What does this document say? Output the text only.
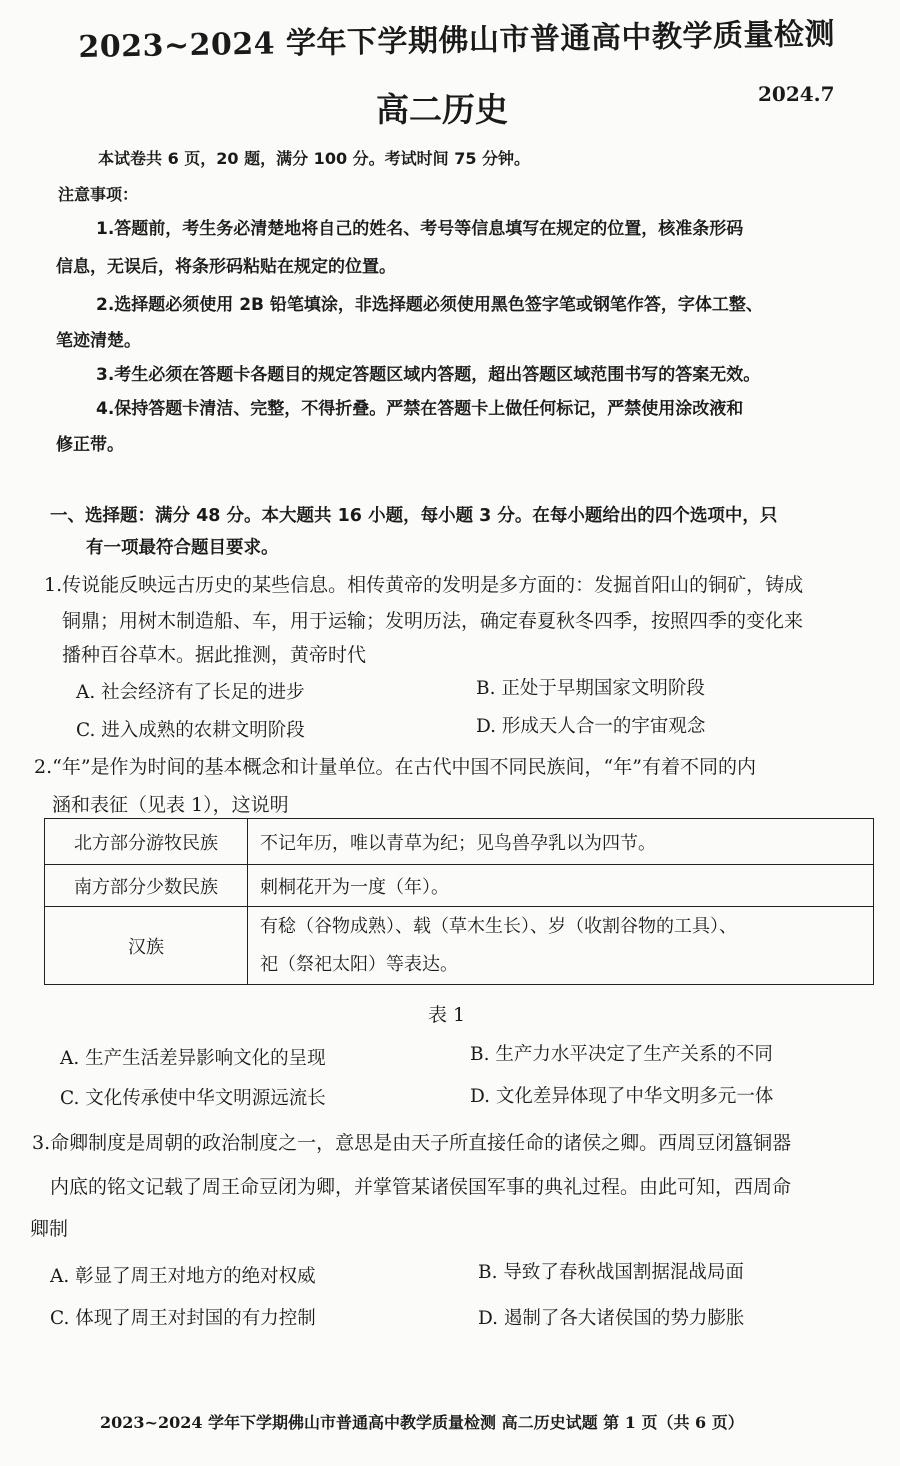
2023~2024 学年下学期佛山市普通高中教学质量检测
高二历史	2024.7
本试卷共 6 页，20 题，满分 100 分。考试时间 75 分钟。
注意事项：
1.答题前，考生务必清楚地将自己的姓名、考号等信息填写在规定的位置，核准条形码
信息，无误后，将条形码粘贴在规定的位置。
2.选择题必须使用 2B 铅笔填涂，非选择题必须使用黑色签字笔或钢笔作答，字体工整、
笔迹清楚。
3.考生必须在答题卡各题目的规定答题区域内答题，超出答题区域范围书写的答案无效。
4.保持答题卡清洁、完整，不得折叠。严禁在答题卡上做任何标记，严禁使用涂改液和
修正带。
一、选择题：满分 48 分。本大题共 16 小题，每小题 3 分。在每小题给出的四个选项中，只
有一项最符合题目要求。
1.传说能反映远古历史的某些信息。相传黄帝的发明是多方面的：发掘首阳山的铜矿，铸成
铜鼎；用树木制造船、车，用于运输；发明历法，确定春夏秋冬四季，按照四季的变化来
播种百谷草木。据此推测，黄帝时代
A. 社会经济有了长足的进步	B. 正处于早期国家文明阶段
C. 进入成熟的农耕文明阶段	D. 形成天人合一的宇宙观念
2.“年”是作为时间的基本概念和计量单位。在古代中国不同民族间，“年”有着不同的内
涵和表征（见表 1），这说明
北方部分游牧民族	不记年历，唯以青草为纪；见鸟兽孕乳以为四节。
南方部分少数民族	刺桐花开为一度（年）。
汉族	有稔（谷物成熟）、载（草木生长）、岁（收割谷物的工具）、
祀（祭祀太阳）等表达。
表 1
A. 生产生活差异影响文化的呈现	B. 生产力水平决定了生产关系的不同
C. 文化传承使中华文明源远流长	D. 文化差异体现了中华文明多元一体
3.命卿制度是周朝的政治制度之一，意思是由天子所直接任命的诸侯之卿。西周豆闭簋铜器
内底的铭文记载了周王命豆闭为卿，并掌管某诸侯国军事的典礼过程。由此可知，西周命
卿制
A. 彰显了周王对地方的绝对权威	B. 导致了春秋战国割据混战局面
C. 体现了周王对封国的有力控制	D. 遏制了各大诸侯国的势力膨胀
2023~2024 学年下学期佛山市普通高中教学质量检测 高二历史试题 第 1 页（共 6 页）
